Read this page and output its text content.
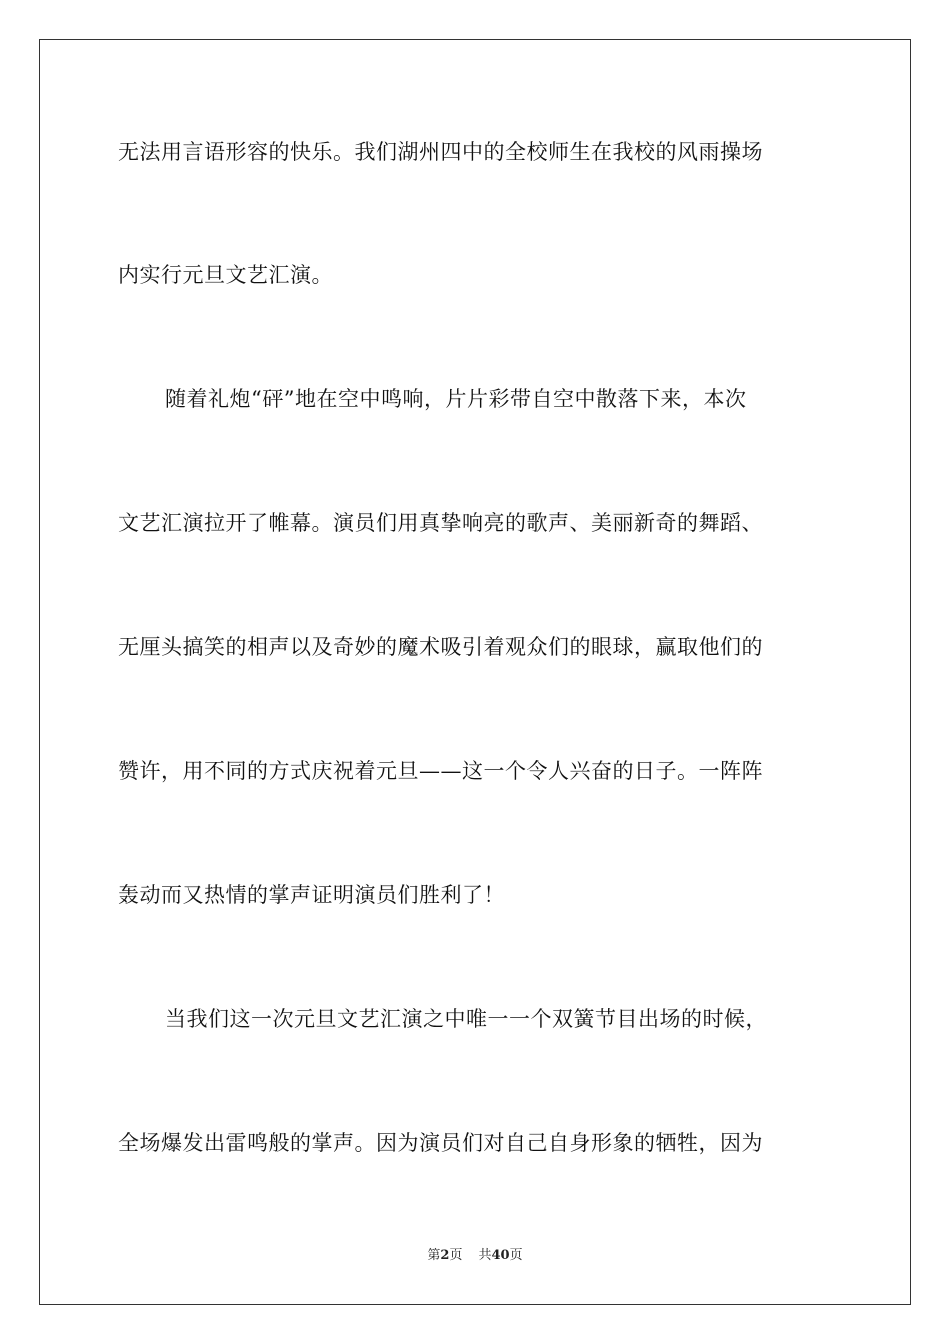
无法用言语形容的快乐。我们湖州四中的全校师生在我校的风雨操场
内实行元旦文艺汇演。
随着礼炮“砰”地在空中鸣响，片片彩带自空中散落下来，本次
文艺汇演拉开了帷幕。演员们用真挚响亮的歌声、美丽新奇的舞蹈、
无厘头搞笑的相声以及奇妙的魔术吸引着观众们的眼球，赢取他们的
赞许，用不同的方式庆祝着元旦——这一个令人兴奋的日子。一阵阵
轰动而又热情的掌声证明演员们胜利了！
当我们这一次元旦文艺汇演之中唯一一个双簧节目出场的时候，
全场爆发出雷鸣般的掌声。因为演员们对自己自身形象的牺牲，因为
第2页 共40页
